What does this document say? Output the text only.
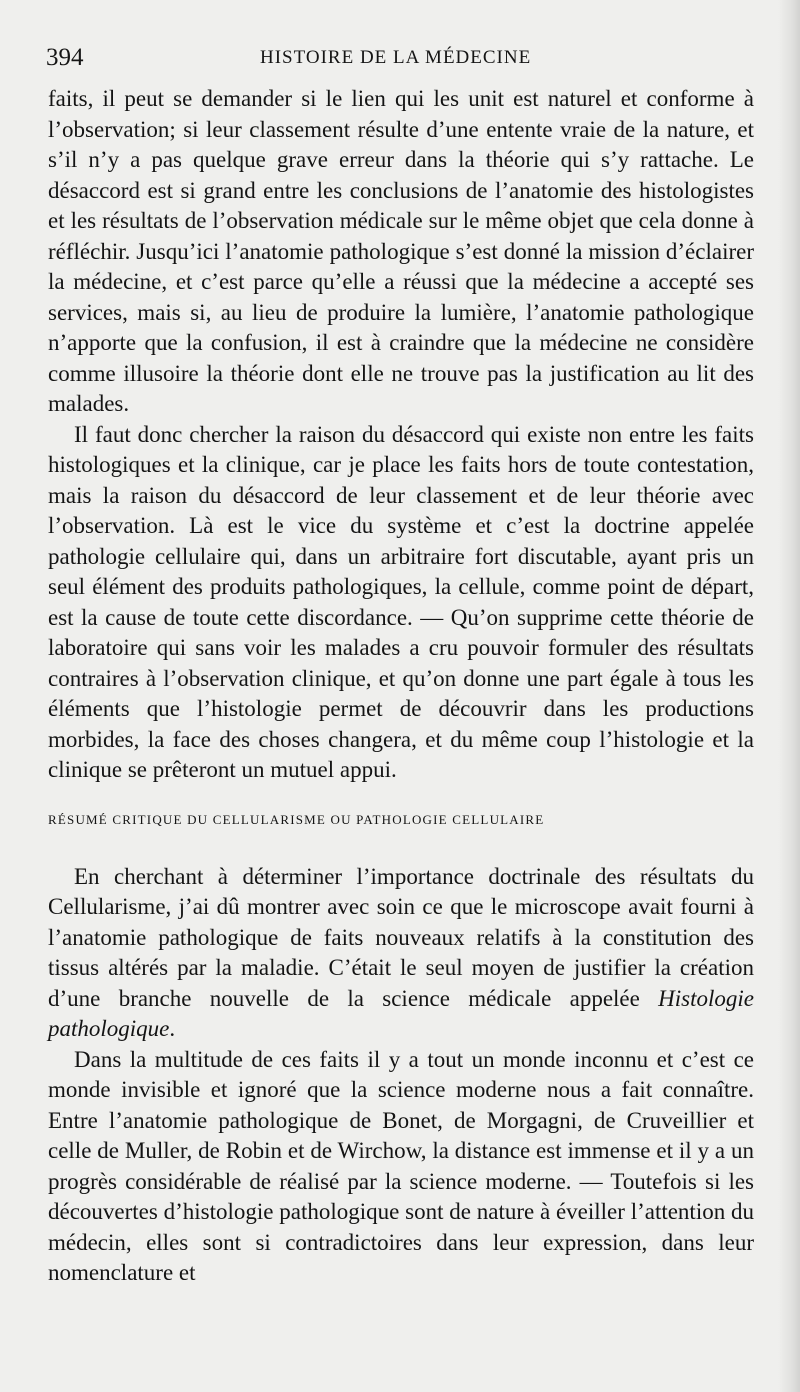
394	HISTOIRE DE LA MÉDECINE

faits, il peut se demander si le lien qui les unit est naturel et conforme à l’observation; si leur classement résulte d’une entente vraie de la nature, et s’il n’y a pas quelque grave erreur dans la théorie qui s’y rattache. Le désaccord est si grand entre les conclusions de l’anatomie des histologistes et les résultats de l’observation médicale sur le même objet que cela donne à réfléchir. Jusqu’ici l’anatomie pathologique s’est donné la mission d’éclairer la médecine, et c’est parce qu’elle a réussi que la médecine a accepté ses services, mais si, au lieu de produire la lumière, l’anatomie pathologique n’apporte que la confusion, il est à craindre que la médecine ne considère comme illusoire la théorie dont elle ne trouve pas la justification au lit des malades.

Il faut donc chercher la raison du désaccord qui existe non entre les faits histologiques et la clinique, car je place les faits hors de toute contestation, mais la raison du désaccord de leur classement et de leur théorie avec l’observation. Là est le vice du système et c’est la doctrine appelée pathologie cellulaire qui, dans un arbitraire fort discutable, ayant pris un seul élément des produits pathologiques, la cellule, comme point de départ, est la cause de toute cette discordance. — Qu’on supprime cette théorie de laboratoire qui sans voir les malades a cru pouvoir formuler des résultats contraires à l’observation clinique, et qu’on donne une part égale à tous les éléments que l’histologie permet de découvrir dans les productions morbides, la face des choses changera, et du même coup l’histologie et la clinique se prêteront un mutuel appui.

RÉSUMÉ CRITIQUE DU CELLULARISME OU PATHOLOGIE CELLULAIRE

En cherchant à déterminer l’importance doctrinale des résultats du Cellularisme, j’ai dû montrer avec soin ce que le microscope avait fourni à l’anatomie pathologique de faits nouveaux relatifs à la constitution des tissus altérés par la maladie. C’était le seul moyen de justifier la création d’une branche nouvelle de la science médicale appelée Histologie pathologique.

Dans la multitude de ces faits il y a tout un monde inconnu et c’est ce monde invisible et ignoré que la science moderne nous a fait connaître. Entre l’anatomie pathologique de Bonet, de Morgagni, de Cruveillier et celle de Muller, de Robin et de Wirchow, la distance est immense et il y a un progrès considérable de réalisé par la science moderne. — Toutefois si les découvertes d’histologie pathologique sont de nature à éveiller l’attention du médecin, elles sont si contradictoires dans leur expression, dans leur nomenclature et
